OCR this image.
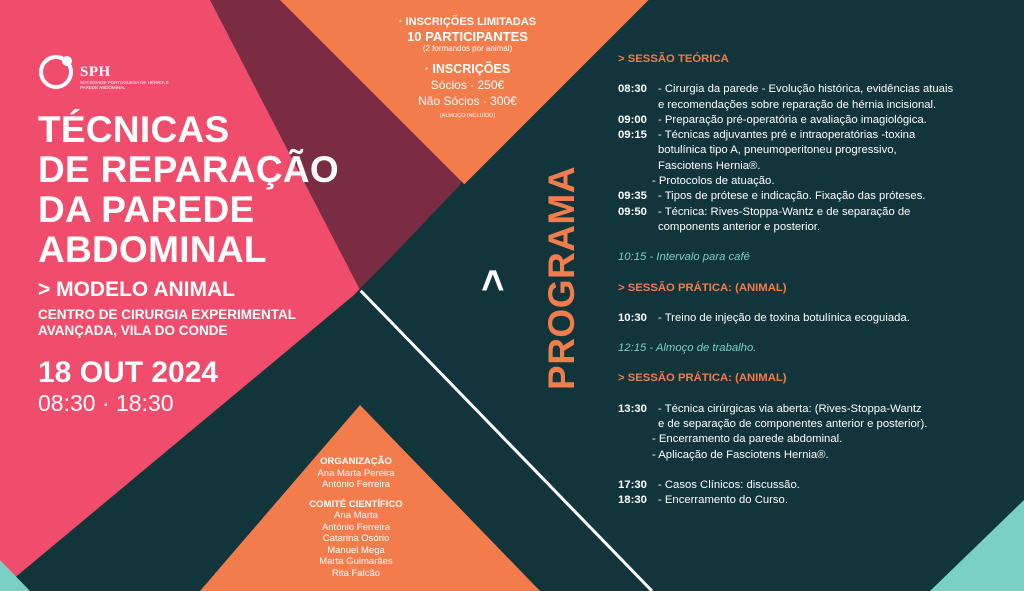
SPH
SOCIEDADE PORTUGUESA DE HÉRNIA E PAREDE ABDOMINAL
TÉCNICAS
DE REPARAÇÃO
DA PAREDE
ABDOMINAL
> MODELO ANIMAL
CENTRO DE CIRURGIA EXPERIMENTAL
AVANÇADA, VILA DO CONDE
18 OUT 2024
08:30 · 18:30
· INSCRIÇÕES LIMITADAS
10 PARTICIPANTES
(2 formandos por animal)
· INSCRIÇÕES
Sócios · 250€
Não Sócios · 300€
(ALMOÇO INCLUÍDO)
ORGANIZAÇÃO
Ana Marta Pereira
António Ferreira
COMITÉ CIENTÍFICO
Ana Marta
António Ferreira
Catarina Osório
Manuel Mega
Marta Guimarães
Rita Falcão
> PROGRAMA
> SESSÃO TEÓRICA
08:30 - Cirurgia da parede - Evolução histórica, evidências atuais
e recomendações sobre reparação de hérnia incisional.
09:00 - Preparação pré-operatória e avaliação imagiológica.
09:15 - Técnicas adjuvantes pré e intraoperatórias -toxina
botulínica tipo A, pneumoperitoneu progressivo,
Fasciotens Hernia®.
- Protocolos de atuação.
09:35 - Tipos de prótese e indicação. Fixação das próteses.
09:50 - Técnica: Rives-Stoppa-Wantz e de separação de
components anterior e posterior.
10:15 - Intervalo para café
> SESSÃO PRÁTICA: (ANIMAL)
10:30 - Treino de injeção de toxina botulínica ecoguiada.
12:15 - Almoço de trabalho.
> SESSÃO PRÁTICA: (ANIMAL)
13:30 - Técnica cirúrgicas via aberta: (Rives-Stoppa-Wantz
e de separação de componentes anterior e posterior).
- Encerramento da parede abdominal.
- Aplicação de Fasciotens Hernia®.
17:30 - Casos Clínicos: discussão.
18:30 - Encerramento do Curso.
